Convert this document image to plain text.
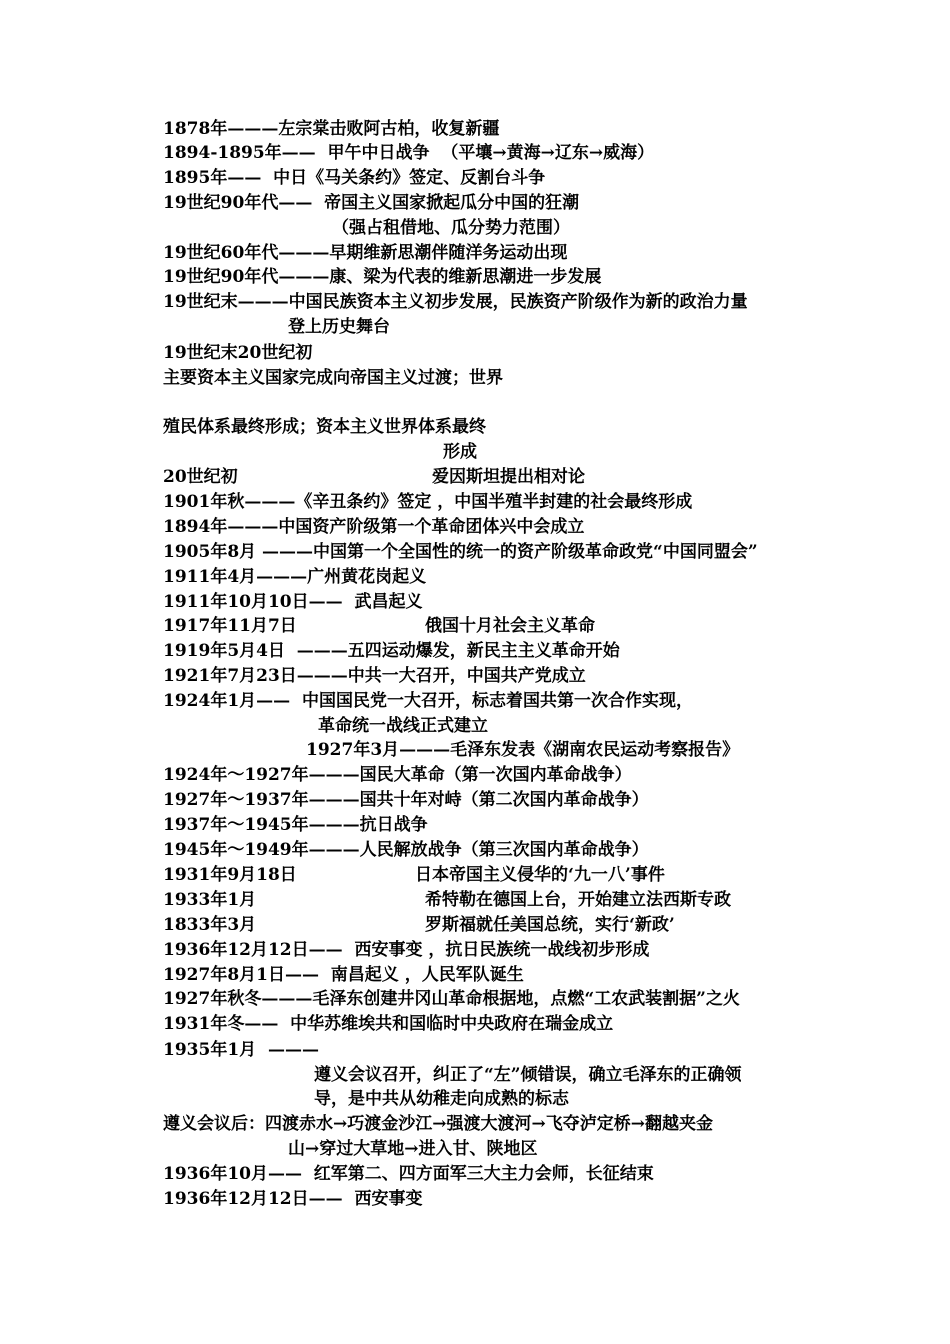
1878年———左宗棠击败阿古柏，收复新疆
1894-1895年——  甲午中日战争  （平壤→黄海→辽东→威海）
1895年——  中日《马关条约》签定、反割台斗争
19世纪90年代——  帝国主义国家掀起瓜分中国的狂潮
（强占租借地、瓜分势力范围）
19世纪60年代———早期维新思潮伴随洋务运动出现
19世纪90年代———康、梁为代表的维新思潮进一步发展
19世纪末———中国民族资本主义初步发展，民族资产阶级作为新的政治力量
登上历史舞台
19世纪末20世纪初
主要资本主义国家完成向帝国主义过渡；世界
殖民体系最终形成；资本主义世界体系最终
形成
20世纪初	爱因斯坦提出相对论
1901年秋———《辛丑条约》签定 ，中国半殖半封建的社会最终形成
1894年———中国资产阶级第一个革命团体兴中会成立
1905年8月 ———中国第一个全国性的统一的资产阶级革命政党“中国同盟会”
1911年4月———广州黄花岗起义
1911年10月10日——  武昌起义
1917年11月7日	俄国十月社会主义革命
1919年5月4日  ———五四运动爆发，新民主主义革命开始
1921年7月23日———中共一大召开，中国共产党成立
1924年1月——  中国国民党一大召开，标志着国共第一次合作实现，
革命统一战线正式建立
1927年3月———毛泽东发表《湖南农民运动考察报告》
1924年～1927年———国民大革命（第一次国内革命战争）
1927年～1937年———国共十年对峙（第二次国内革命战争）
1937年～1945年———抗日战争
1945年～1949年———人民解放战争（第三次国内革命战争）
1931年9月18日	日本帝国主义侵华的‘九一八’事件
1933年1月	希特勒在德国上台，开始建立法西斯专政
1833年3月	罗斯福就任美国总统，实行‘新政’
1936年12月12日——  西安事变 ，抗日民族统一战线初步形成
1927年8月1日——  南昌起义 ，人民军队诞生
1927年秋冬———毛泽东创建井冈山革命根据地，点燃“工农武装割据”之火
1931年冬——  中华苏维埃共和国临时中央政府在瑞金成立
1935年1月  ———
遵义会议召开，纠正了“左”倾错误，确立毛泽东的正确领
导，是中共从幼稚走向成熟的标志
遵义会议后：四渡赤水→巧渡金沙江→强渡大渡河→飞夺泸定桥→翻越夹金
山→穿过大草地→进入甘、陕地区
1936年10月——  红军第二、四方面军三大主力会师，长征结束
1936年12月12日——  西安事变
